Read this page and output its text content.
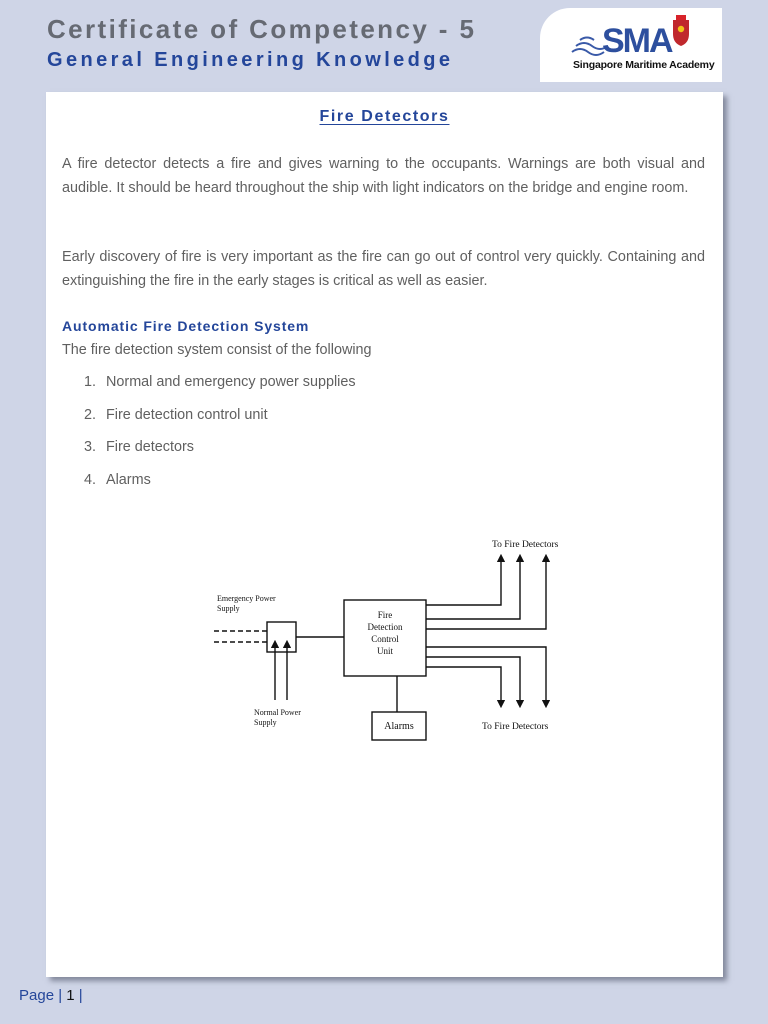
Certificate of Competency - 5
General Engineering Knowledge	SMA
Singapore Maritime Academy
Fire Detectors

A fire detector detects a fire and gives warning to the occupants. Warnings are both visual and audible. It should be heard throughout the ship with light indicators on the bridge and engine room.

Early discovery of fire is very important as the fire can go out of control very quickly. Containing and extinguishing the fire in the early stages is critical as well as easier.

Automatic Fire Detection System
The fire detection system consist of the following
1. Normal and emergency power supplies
2. Fire detection control unit
3. Fire detectors
4. Alarms
To Fire Detectors
To Fire Detectors
Emergency Power
Supply
Normal Power
Supply
Fire
Detection
Control
Unit
Alarms
Page | 1 |
